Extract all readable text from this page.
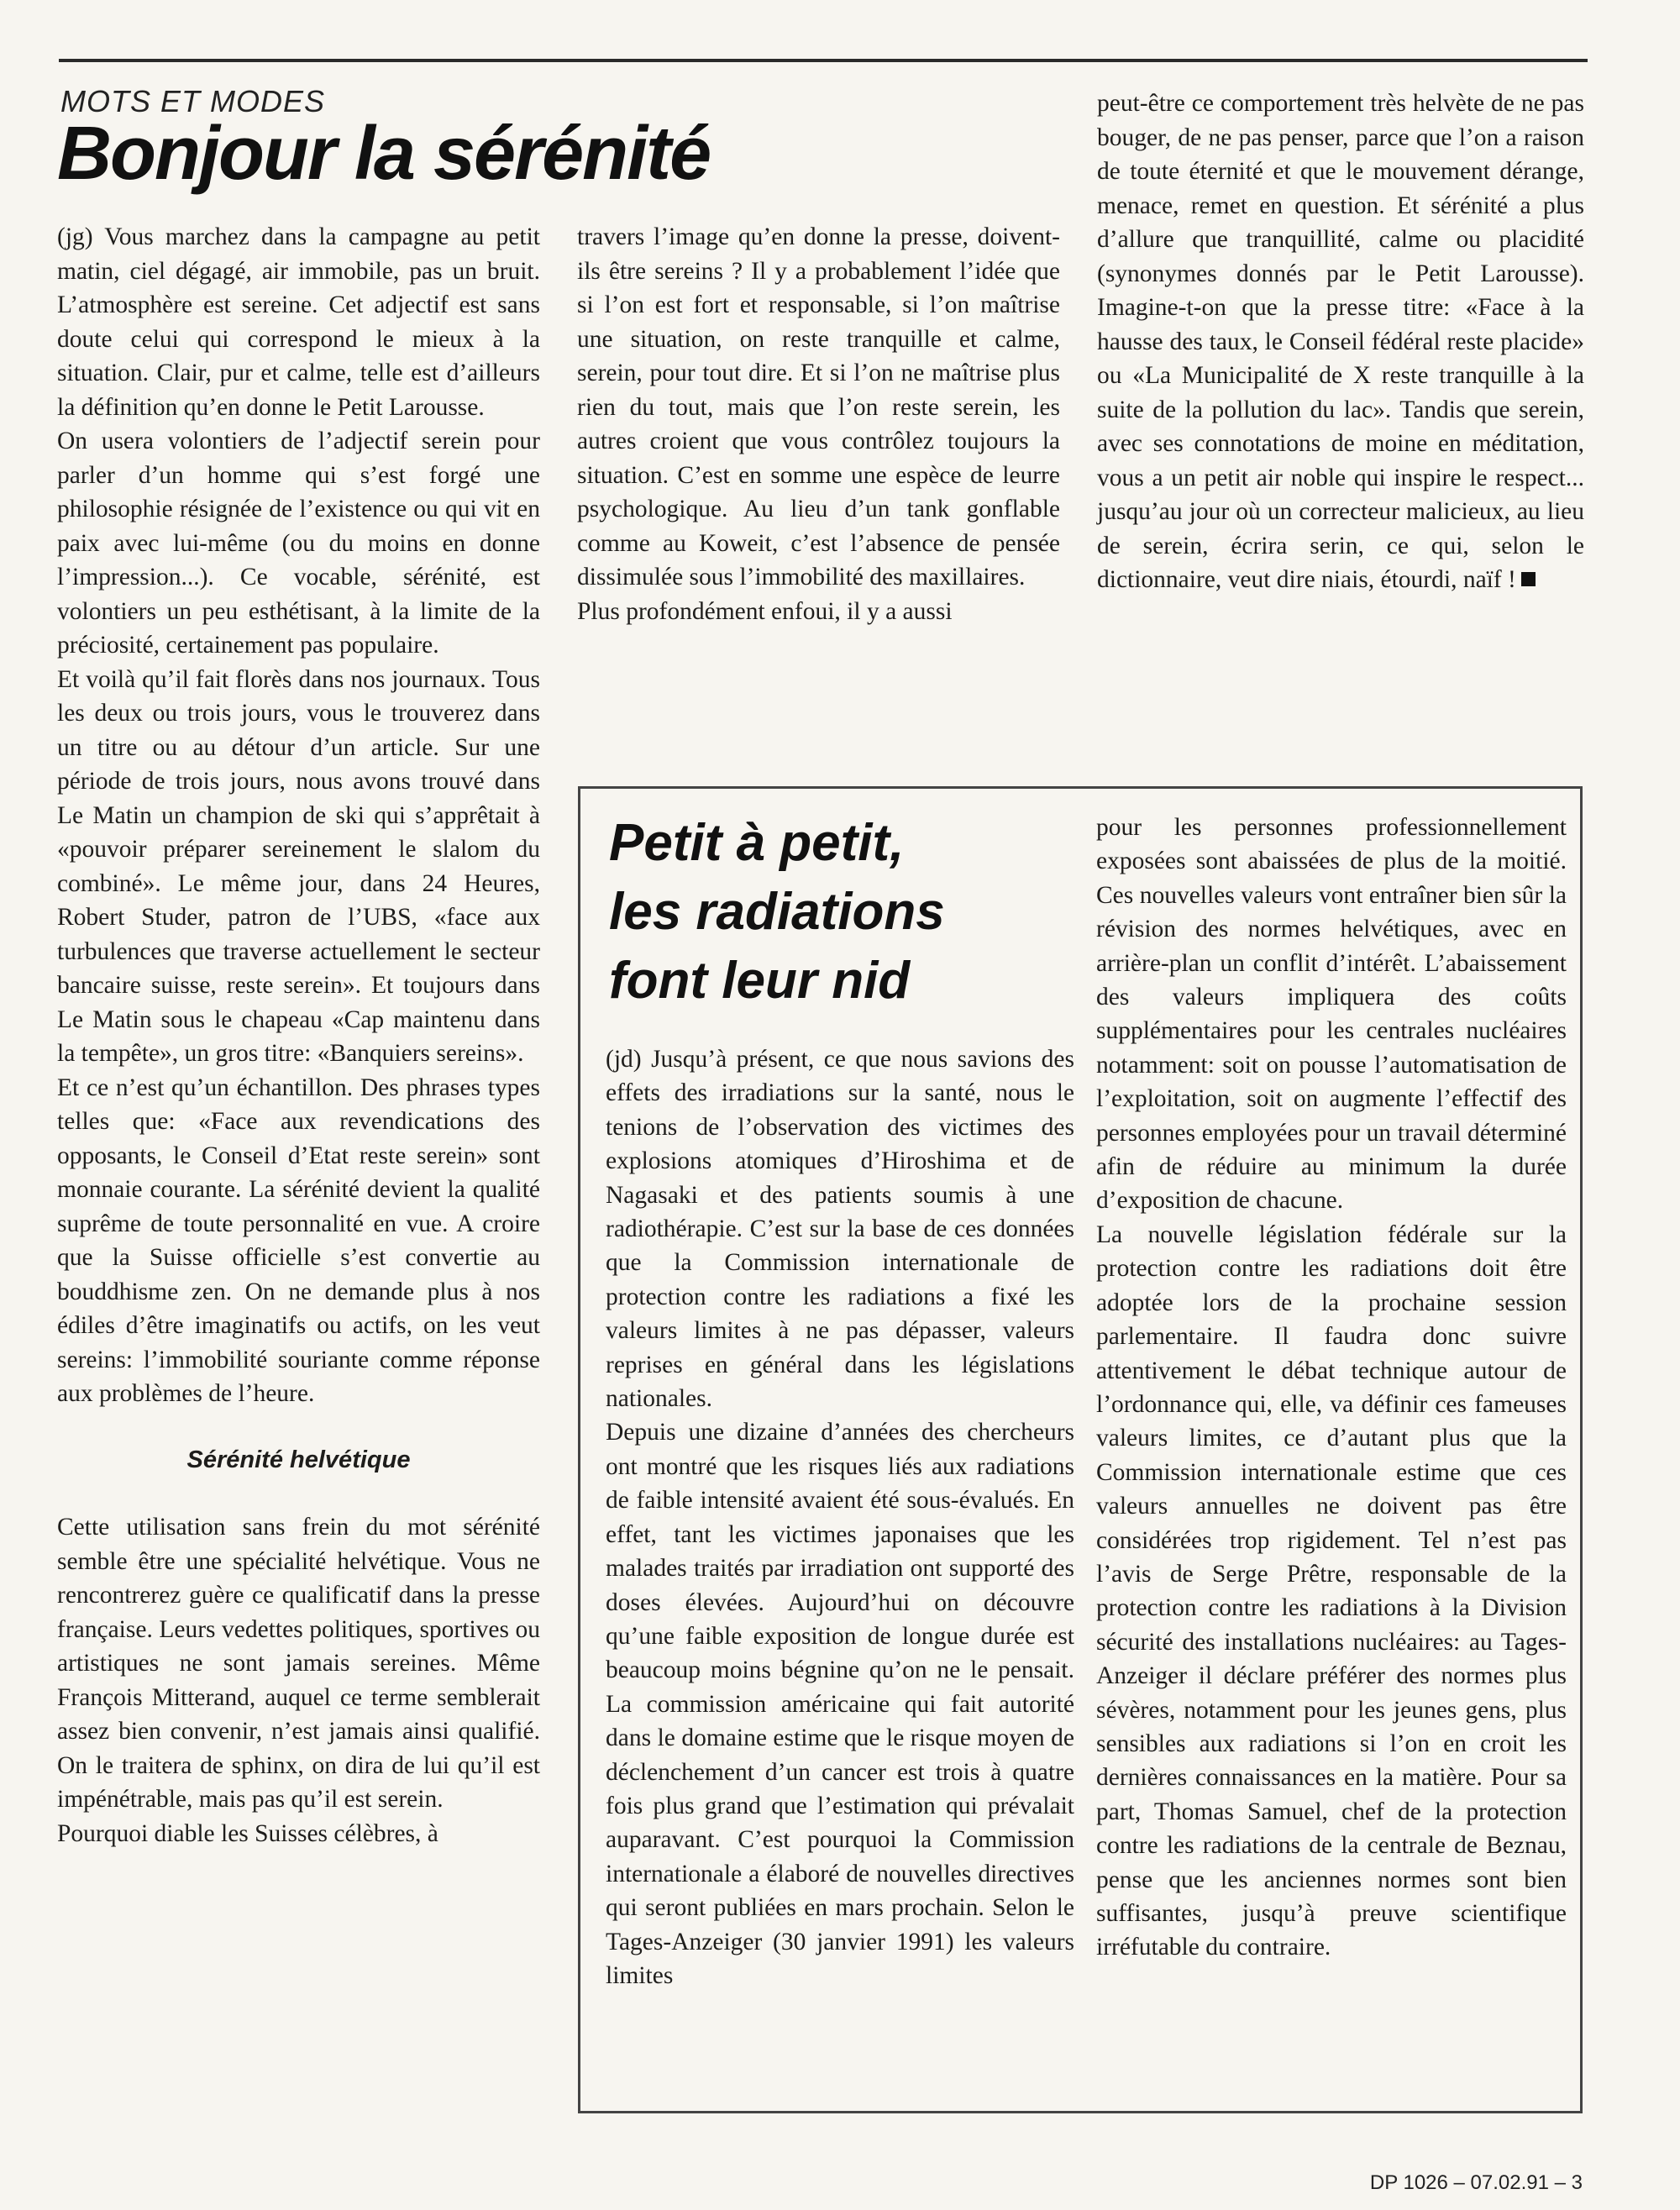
MOTS ET MODES
Bonjour la sérénité

(jg) Vous marchez dans la campagne au petit matin, ciel dégagé, air immobile, pas un bruit. L’atmosphère est sereine. Cet adjectif est sans doute celui qui correspond le mieux à la situation. Clair, pur et calme, telle est d’ailleurs la définition qu’en donne le Petit Larousse.

On usera volontiers de l’adjectif serein pour parler d’un homme qui s’est forgé une philosophie résignée de l’existence ou qui vit en paix avec lui-même (ou du moins en donne l’impression...). Ce vocable, sérénité, est volontiers un peu esthétisant, à la limite de la préciosité, certainement pas populaire.

Et voilà qu’il fait florès dans nos journaux. Tous les deux ou trois jours, vous le trouverez dans un titre ou au détour d’un article. Sur une période de trois jours, nous avons trouvé dans Le Matin un champion de ski qui s’apprêtait à «pouvoir préparer sereinement le slalom du combiné». Le même jour, dans 24 Heures, Robert Studer, patron de l’UBS, «face aux turbulences que traverse actuellement le secteur bancaire suisse, reste serein». Et toujours dans Le Matin sous le chapeau «Cap maintenu dans la tempête», un gros titre: «Banquiers sereins».

Et ce n’est qu’un échantillon. Des phrases types telles que: «Face aux revendications des opposants, le Conseil d’Etat reste serein» sont monnaie courante. La sérénité devient la qualité suprême de toute personnalité en vue. A croire que la Suisse officielle s’est convertie au bouddhisme zen. On ne demande plus à nos édiles d’être imaginatifs ou actifs, on les veut sereins: l’immobilité souriante comme réponse aux problèmes de l’heure.

Sérénité helvétique

Cette utilisation sans frein du mot sérénité semble être une spécialité helvétique. Vous ne rencontrerez guère ce qualificatif dans la presse française. Leurs vedettes politiques, sportives ou artistiques ne sont jamais sereines. Même François Mitterand, auquel ce terme semblerait assez bien convenir, n’est jamais ainsi qualifié. On le traitera de sphinx, on dira de lui qu’il est impénétrable, mais pas qu’il est serein.

Pourquoi diable les Suisses célèbres, à

travers l’image qu’en donne la presse, doivent-ils être sereins ? Il y a probablement l’idée que si l’on est fort et responsable, si l’on maîtrise une situation, on reste tranquille et calme, serein, pour tout dire. Et si l’on ne maîtrise plus rien du tout, mais que l’on reste serein, les autres croient que vous contrôlez toujours la situation. C’est en somme une espèce de leurre psychologique. Au lieu d’un tank gonflable comme au Koweit, c’est l’absence de pensée dissimulée sous l’immobilité des maxillaires.

Plus profondément enfoui, il y a aussi

peut-être ce comportement très helvète de ne pas bouger, de ne pas penser, parce que l’on a raison de toute éternité et que le mouvement dérange, menace, remet en question. Et sérénité a plus d’allure que tranquillité, calme ou placidité (synonymes donnés par le Petit Larousse). Imagine-t-on que la presse titre: «Face à la hausse des taux, le Conseil fédéral reste placide» ou «La Municipalité de X reste tranquille à la suite de la pollution du lac». Tandis que serein, avec ses connotations de moine en méditation, vous a un petit air noble qui inspire le respect... jusqu’au jour où un correcteur malicieux, au lieu de serein, écrira serin, ce qui, selon le dictionnaire, veut dire niais, étourdi, naïf !

Petit à petit,
les radiations
font leur nid

(jd) Jusqu’à présent, ce que nous savions des effets des irradiations sur la santé, nous le tenions de l’observation des victimes des explosions atomiques d’Hiroshima et de Nagasaki et des patients soumis à une radiothérapie. C’est sur la base de ces données que la Commission internationale de protection contre les radiations a fixé les valeurs limites à ne pas dépasser, valeurs reprises en général dans les législations nationales.

Depuis une dizaine d’années des chercheurs ont montré que les risques liés aux radiations de faible intensité avaient été sous-évalués. En effet, tant les victimes japonaises que les malades traités par irradiation ont supporté des doses élevées. Aujourd’hui on découvre qu’une faible exposition de longue durée est beaucoup moins bégnine qu’on ne le pensait. La commission américaine qui fait autorité dans le domaine estime que le risque moyen de déclenchement d’un cancer est trois à quatre fois plus grand que l’estimation qui prévalait auparavant. C’est pourquoi la Commission internationale a élaboré de nouvelles directives qui seront publiées en mars prochain. Selon le Tages-Anzeiger (30 janvier 1991) les valeurs limites

pour les personnes professionnellement exposées sont abaissées de plus de la moitié. Ces nouvelles valeurs vont entraîner bien sûr la révision des normes helvétiques, avec en arrière-plan un conflit d’intérêt. L’abaissement des valeurs impliquera des coûts supplémentaires pour les centrales nucléaires notamment: soit on pousse l’automatisation de l’exploitation, soit on augmente l’effectif des personnes employées pour un travail déterminé afin de réduire au minimum la durée d’exposition de chacune.

La nouvelle législation fédérale sur la protection contre les radiations doit être adoptée lors de la prochaine session parlementaire. Il faudra donc suivre attentivement le débat technique autour de l’ordonnance qui, elle, va définir ces fameuses valeurs limites, ce d’autant plus que la Commission internationale estime que ces valeurs annuelles ne doivent pas être considérées trop rigidement. Tel n’est pas l’avis de Serge Prêtre, responsable de la protection contre les radiations à la Division sécurité des installations nucléaires: au Tages-Anzeiger il déclare préférer des normes plus sévères, notamment pour les jeunes gens, plus sensibles aux radiations si l’on en croit les dernières connaissances en la matière. Pour sa part, Thomas Samuel, chef de la protection contre les radiations de la centrale de Beznau, pense que les anciennes normes sont bien suffisantes, jusqu’à preuve scientifique irréfutable du contraire.

DP 1026 – 07.02.91 – 3
